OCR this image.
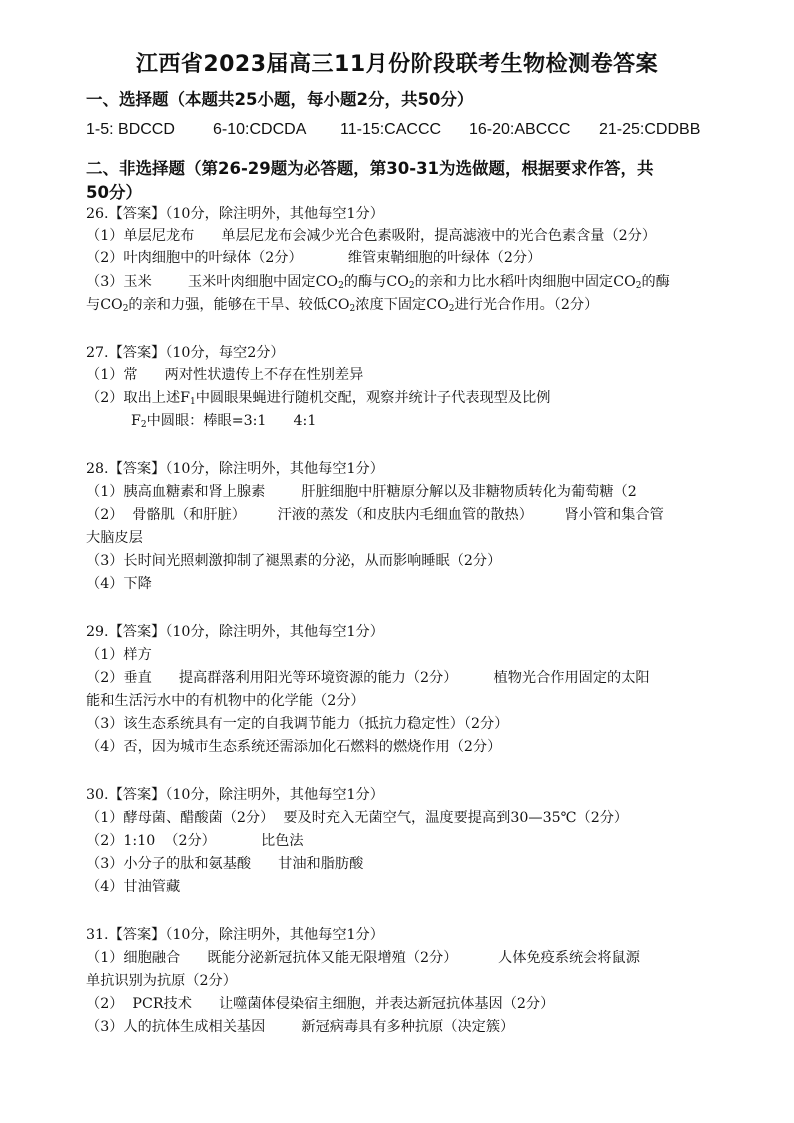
江西省2023届高三11月份阶段联考生物检测卷答案
一、选择题（本题共25小题，每小题2分，共50分）
1-5: BDCCD 6-10:CDCDA 11-15:CACCC 16-20:ABCCC 21-25:CDDBB
二、非选择题（第26-29题为必答题，第30-31为选做题，根据要求作答，共
50分）

26.【答案】（10分，除注明外，其他每空1分）

（1）单层尼龙布 单层尼龙布会减少光合色素吸附，提高滤液中的光合色素含量（2分）

（2）叶肉细胞中的叶绿体（2分）	维管束鞘细胞的叶绿体（2分）

（3）玉米	玉米叶肉细胞中固定$CO_2$的酶与$CO_2$的亲和力比水稻叶肉细胞中固定$CO_2$的酶

与$CO_2$的亲和力强，能够在干旱、较低$CO_2$浓度下固定$CO_2$进行光合作用。（2分）

27.【答案】（10分，每空2分）

（1）常 两对性状遗传上不存在性别差异

（2）取出上述$F_1$中圆眼果蝇进行随机交配，观察并统计子代表现型及比例

$F_2$中圆眼：棒眼=3:1 4:1

28.【答案】（10分，除注明外，其他每空1分）

（1）胰高血糖素和肾上腺素	肝脏细胞中肝糖原分解以及非糖物质转化为葡萄糖（2

（2）  骨骼肌（和肝脏） 汗液的蒸发（和皮肤内毛细血管的散热） 肾小管和集合管

大脑皮层

（3）长时间光照刺激抑制了褪黑素的分泌，从而影响睡眠（2分）

（4）下降

29.【答案】（10分，除注明外，其他每空1分）

（1）样方

（2）垂直 提高群落利用阳光等环境资源的能力（2分）	植物光合作用固定的太阳

能和生活污水中的有机物中的化学能（2分）

（3）该生态系统具有一定的自我调节能力（抵抗力稳定性）（2分）

（4）否，因为城市生态系统还需添加化石燃料的燃烧作用（2分）

30.【答案】（10分，除注明外，其他每空1分）

（1）酵母菌、醋酸菌（2分） 要及时充入无菌空气，温度要提高到30—35℃（2分）

（2）1:10  （2分）	比色法

（3）小分子的肽和氨基酸 甘油和脂肪酸

（4）甘油管藏

31.【答案】（10分，除注明外，其他每空1分）

（1）细胞融合 既能分泌新冠抗体又能无限增殖（2分）	人体免疫系统会将鼠源

单抗识别为抗原（2分）

（2）  PCR技术 让噬菌体侵染宿主细胞，并表达新冠抗体基因（2分）

（3）人的抗体生成相关基因	新冠病毒具有多种抗原（决定簇）
